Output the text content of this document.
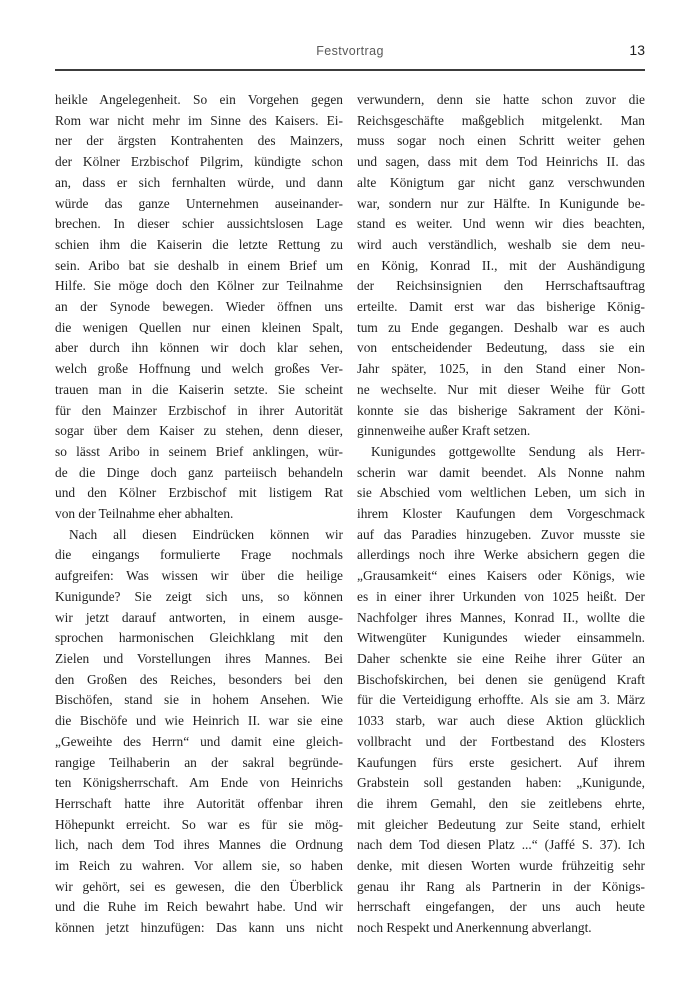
Festvortrag	13
heikle Angelegenheit. So ein Vorgehen gegen
Rom war nicht mehr im Sinne des Kaisers. Ei-
ner der ärgsten Kontrahenten des Mainzers,
der Kölner Erzbischof Pilgrim, kündigte schon
an, dass er sich fernhalten würde, und dann
würde das ganze Unternehmen auseinander-
brechen. In dieser schier aussichtslosen Lage
schien ihm die Kaiserin die letzte Rettung zu
sein. Aribo bat sie deshalb in einem Brief um
Hilfe. Sie möge doch den Kölner zur Teilnahme
an der Synode bewegen. Wieder öffnen uns
die wenigen Quellen nur einen kleinen Spalt,
aber durch ihn können wir doch klar sehen,
welch große Hoffnung und welch großes Ver-
trauen man in die Kaiserin setzte. Sie scheint
für den Mainzer Erzbischof in ihrer Autorität
sogar über dem Kaiser zu stehen, denn dieser,
so lässt Aribo in seinem Brief anklingen, wür-
de die Dinge doch ganz parteiisch behandeln
und den Kölner Erzbischof mit listigem Rat
von der Teilnahme eher abhalten.
Nach all diesen Eindrücken können wir
die eingangs formulierte Frage nochmals
aufgreifen: Was wissen wir über die heilige
Kunigunde? Sie zeigt sich uns, so können
wir jetzt darauf antworten, in einem ausge-
sprochen harmonischen Gleichklang mit den
Zielen und Vorstellungen ihres Mannes. Bei
den Großen des Reiches, besonders bei den
Bischöfen, stand sie in hohem Ansehen. Wie
die Bischöfe und wie Heinrich II. war sie eine
„Geweihte des Herrn“ und damit eine gleich-
rangige Teilhaberin an der sakral begründe-
ten Königsherrschaft. Am Ende von Heinrichs
Herrschaft hatte ihre Autorität offenbar ihren
Höhepunkt erreicht. So war es für sie mög-
lich, nach dem Tod ihres Mannes die Ordnung
im Reich zu wahren. Vor allem sie, so haben
wir gehört, sei es gewesen, die den Überblick
und die Ruhe im Reich bewahrt habe. Und wir
können jetzt hinzufügen: Das kann uns nicht
verwundern, denn sie hatte schon zuvor die
Reichsgeschäfte maßgeblich mitgelenkt. Man
muss sogar noch einen Schritt weiter gehen
und sagen, dass mit dem Tod Heinrichs II. das
alte Königtum gar nicht ganz verschwunden
war, sondern nur zur Hälfte. In Kunigunde be-
stand es weiter. Und wenn wir dies beachten,
wird auch verständlich, weshalb sie dem neu-
en König, Konrad II., mit der Aushändigung
der Reichsinsignien den Herrschaftsauftrag
erteilte. Damit erst war das bisherige König-
tum zu Ende gegangen. Deshalb war es auch
von entscheidender Bedeutung, dass sie ein
Jahr später, 1025, in den Stand einer Non-
ne wechselte. Nur mit dieser Weihe für Gott
konnte sie das bisherige Sakrament der Köni-
ginnenweihe außer Kraft setzen.
Kunigundes gottgewollte Sendung als Herr-
scherin war damit beendet. Als Nonne nahm
sie Abschied vom weltlichen Leben, um sich in
ihrem Kloster Kaufungen dem Vorgeschmack
auf das Paradies hinzugeben. Zuvor musste sie
allerdings noch ihre Werke absichern gegen die
„Grausamkeit“ eines Kaisers oder Königs, wie
es in einer ihrer Urkunden von 1025 heißt. Der
Nachfolger ihres Mannes, Konrad II., wollte die
Witwengüter Kunigundes wieder einsammeln.
Daher schenkte sie eine Reihe ihrer Güter an
Bischofskirchen, bei denen sie genügend Kraft
für die Verteidigung erhoffte. Als sie am 3. März
1033 starb, war auch diese Aktion glücklich
vollbracht und der Fortbestand des Klosters
Kaufungen fürs erste gesichert. Auf ihrem
Grabstein soll gestanden haben: „Kunigunde,
die ihrem Gemahl, den sie zeitlebens ehrte,
mit gleicher Bedeutung zur Seite stand, erhielt
nach dem Tod diesen Platz ...“ (Jaffé S. 37). Ich
denke, mit diesen Worten wurde frühzeitig sehr
genau ihr Rang als Partnerin in der Königs-
herrschaft eingefangen, der uns auch heute
noch Respekt und Anerkennung abverlangt.
